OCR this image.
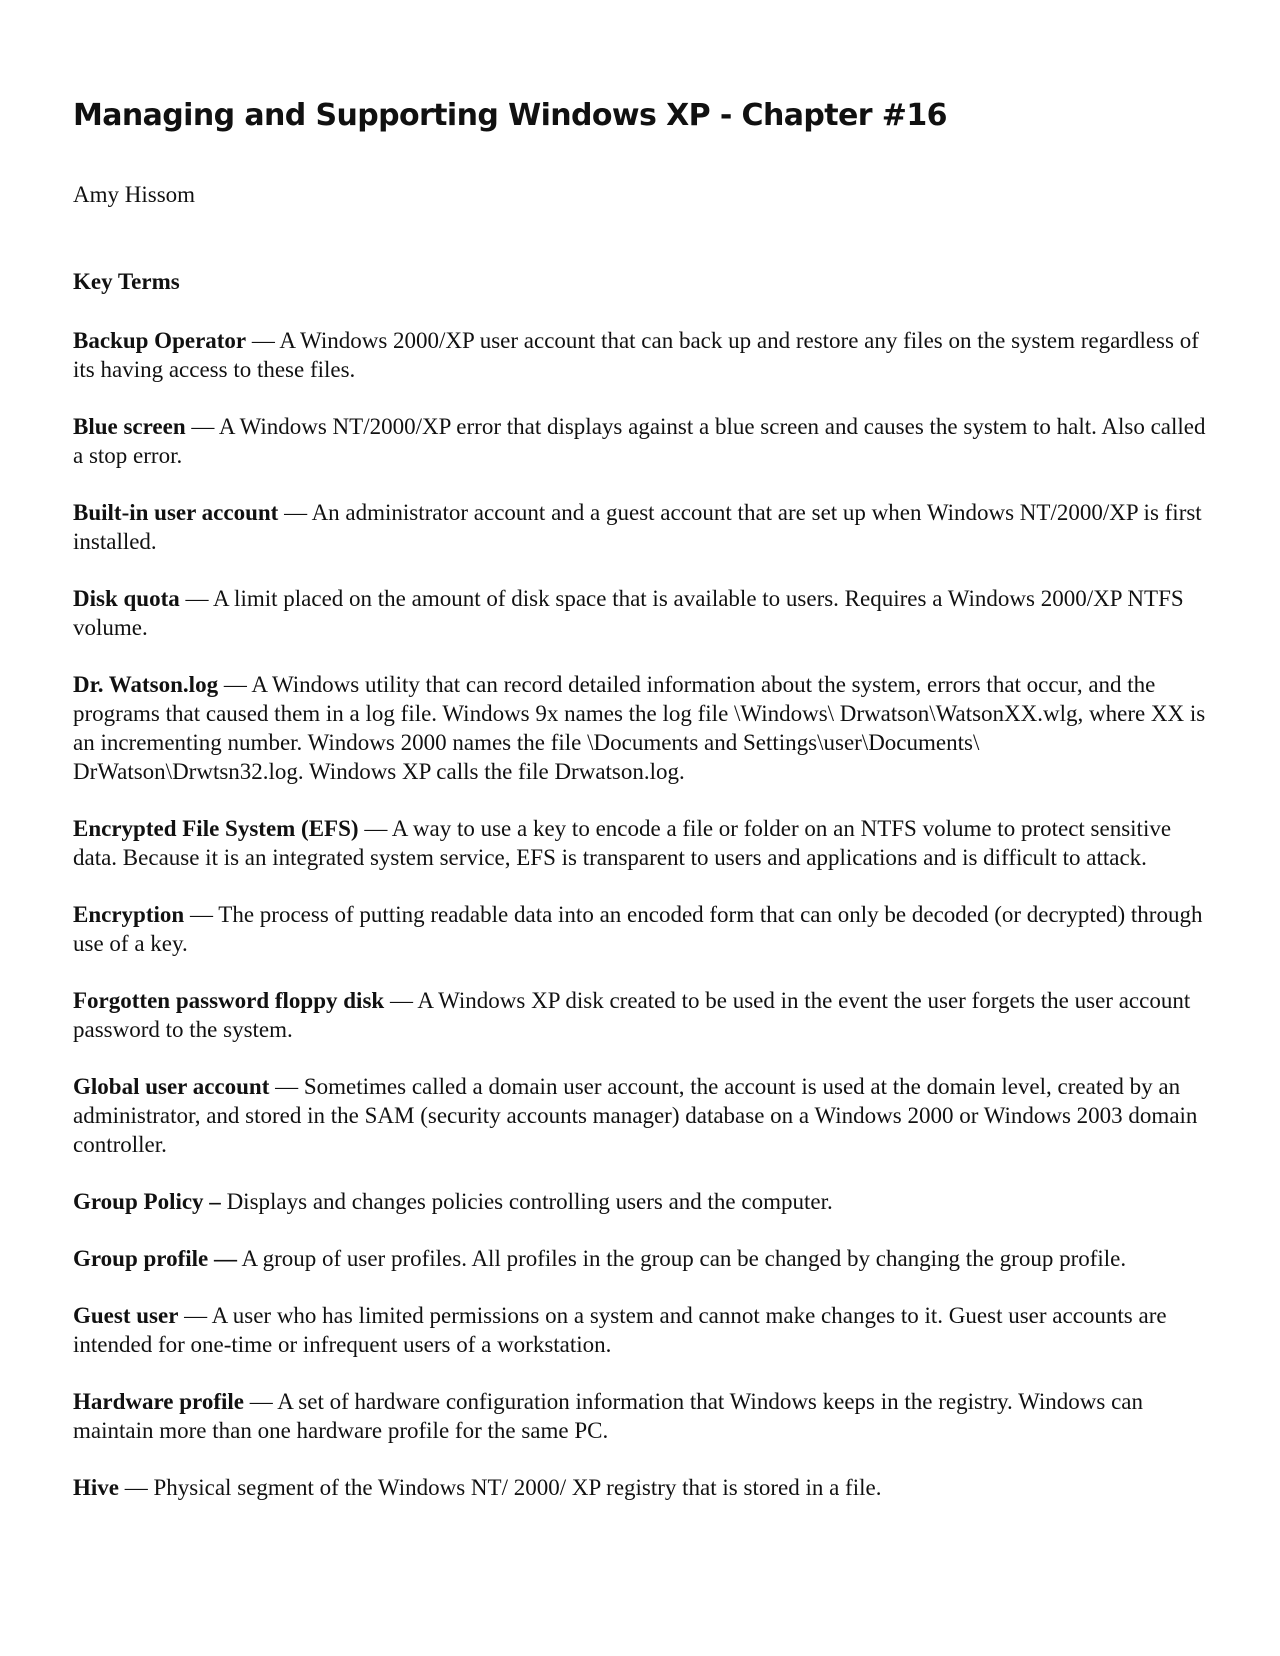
Managing and Supporting Windows XP - Chapter #16

Amy Hissom

Key Terms
Backup Operator — A Windows 2000/XP user account that can back up and restore any files on the system regardless of its having access to these files.
Blue screen — A Windows NT/2000/XP error that displays against a blue screen and causes the system to halt. Also called a stop error.
Built-in user account — An administrator account and a guest account that are set up when Windows NT/2000/XP is first installed.
Disk quota — A limit placed on the amount of disk space that is available to users. Requires a Windows 2000/XP NTFS volume.
Dr. Watson.log — A Windows utility that can record detailed information about the system, errors that occur, and the programs that caused them in a log file. Windows 9x names the log file \Windows\ Drwatson\WatsonXX.wlg, where XX is an incrementing number. Windows 2000 names the file \Documents and Settings\user\Documents\ DrWatson\Drwtsn32.log. Windows XP calls the file Drwatson.log.
Encrypted File System (EFS) — A way to use a key to encode a file or folder on an NTFS volume to protect sensitive data. Because it is an integrated system service, EFS is transparent to users and applications and is difficult to attack.
Encryption — The process of putting readable data into an encoded form that can only be decoded (or decrypted) through use of a key.
Forgotten password floppy disk — A Windows XP disk created to be used in the event the user forgets the user account password to the system.
Global user account — Sometimes called a domain user account, the account is used at the domain level, created by an administrator, and stored in the SAM (security accounts manager) database on a Windows 2000 or Windows 2003 domain controller.
Group Policy – Displays and changes policies controlling users and the computer.
Group profile — A group of user profiles. All profiles in the group can be changed by changing the group profile.
Guest user — A user who has limited permissions on a system and cannot make changes to it. Guest user accounts are intended for one-time or infrequent users of a workstation.
Hardware profile — A set of hardware configuration information that Windows keeps in the registry. Windows can maintain more than one hardware profile for the same PC.
Hive — Physical segment of the Windows NT/ 2000/ XP registry that is stored in a file.
